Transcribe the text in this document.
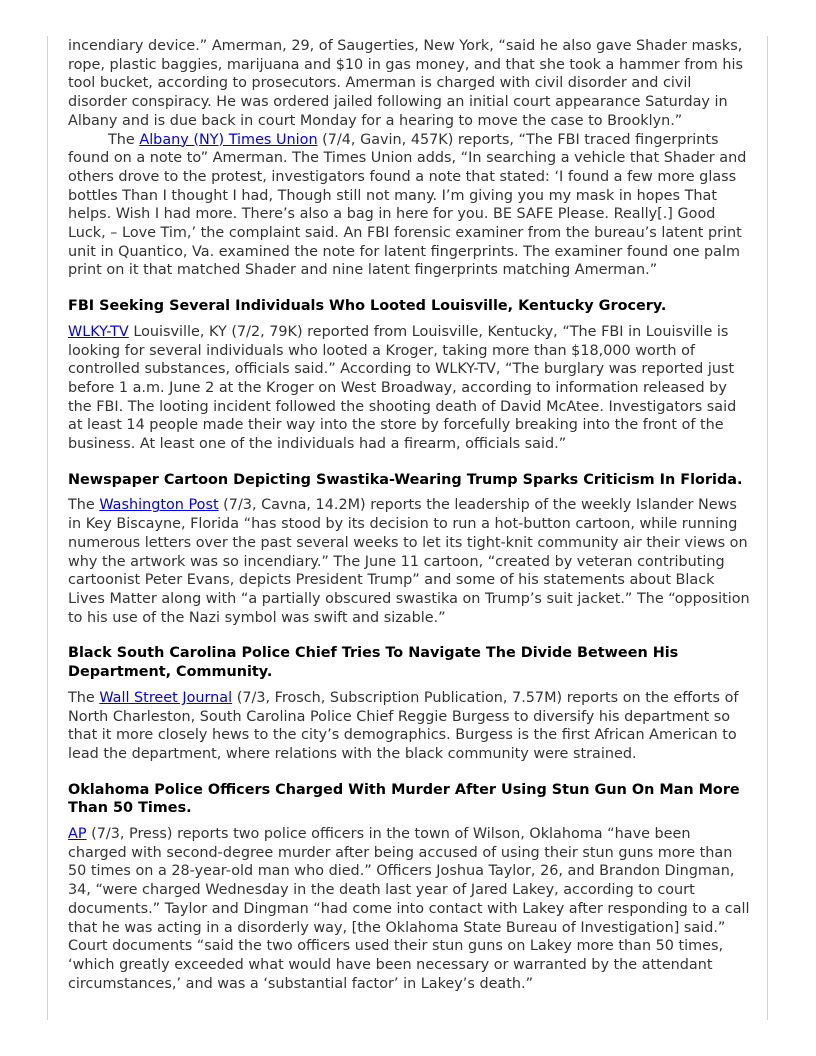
incendiary device.” Amerman, 29, of Saugerties, New York, “said he also gave Shader masks, rope, plastic baggies, marijuana and $10 in gas money, and that she took a hammer from his tool bucket, according to prosecutors. Amerman is charged with civil disorder and civil disorder conspiracy. He was ordered jailed following an initial court appearance Saturday in Albany and is due back in court Monday for a hearing to move the case to Brooklyn.”

The Albany (NY) Times Union (7/4, Gavin, 457K) reports, “The FBI traced fingerprints found on a note to” Amerman. The Times Union adds, “In searching a vehicle that Shader and others drove to the protest, investigators found a note that stated: ‘I found a few more glass bottles Than I thought I had, Though still not many. I’m giving you my mask in hopes That helps. Wish I had more. There’s also a bag in here for you. BE SAFE Please. Really[.] Good Luck, – Love Tim,’ the complaint said. An FBI forensic examiner from the bureau’s latent print unit in Quantico, Va. examined the note for latent fingerprints. The examiner found one palm print on it that matched Shader and nine latent fingerprints matching Amerman.”

FBI Seeking Several Individuals Who Looted Louisville, Kentucky Grocery.

WLKY-TV Louisville, KY (7/2, 79K) reported from Louisville, Kentucky, “The FBI in Louisville is looking for several individuals who looted a Kroger, taking more than $18,000 worth of controlled substances, officials said.” According to WLKY-TV, “The burglary was reported just before 1 a.m. June 2 at the Kroger on West Broadway, according to information released by the FBI. The looting incident followed the shooting death of David McAtee. Investigators said at least 14 people made their way into the store by forcefully breaking into the front of the business. At least one of the individuals had a firearm, officials said.”

Newspaper Cartoon Depicting Swastika-Wearing Trump Sparks Criticism In Florida.

The Washington Post (7/3, Cavna, 14.2M) reports the leadership of the weekly Islander News in Key Biscayne, Florida “has stood by its decision to run a hot-button cartoon, while running numerous letters over the past several weeks to let its tight-knit community air their views on why the artwork was so incendiary.” The June 11 cartoon, “created by veteran contributing cartoonist Peter Evans, depicts President Trump” and some of his statements about Black Lives Matter along with “a partially obscured swastika on Trump’s suit jacket.” The “opposition to his use of the Nazi symbol was swift and sizable.”

Black South Carolina Police Chief Tries To Navigate The Divide Between His Department, Community.

The Wall Street Journal (7/3, Frosch, Subscription Publication, 7.57M) reports on the efforts of North Charleston, South Carolina Police Chief Reggie Burgess to diversify his department so that it more closely hews to the city’s demographics. Burgess is the first African American to lead the department, where relations with the black community were strained.

Oklahoma Police Officers Charged With Murder After Using Stun Gun On Man More Than 50 Times.

AP (7/3, Press) reports two police officers in the town of Wilson, Oklahoma “have been charged with second-degree murder after being accused of using their stun guns more than 50 times on a 28-year-old man who died.” Officers Joshua Taylor, 26, and Brandon Dingman, 34, “were charged Wednesday in the death last year of Jared Lakey, according to court documents.” Taylor and Dingman “had come into contact with Lakey after responding to a call that he was acting in a disorderly way, [the Oklahoma State Bureau of Investigation] said.” Court documents “said the two officers used their stun guns on Lakey more than 50 times, ‘which greatly exceeded what would have been necessary or warranted by the attendant circumstances,’ and was a ‘substantial factor’ in Lakey’s death.”
